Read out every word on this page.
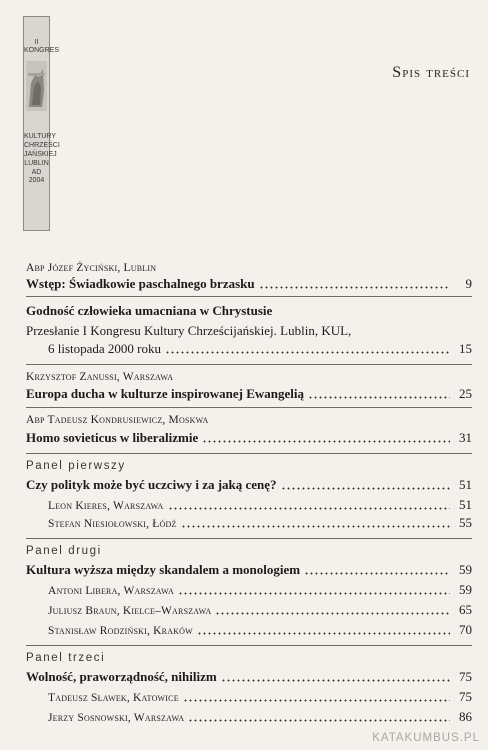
II KONGRES
KULTURY
CHRZEŚCI
JAŃSKIEJ
LUBLIN
AD 2004
Spis treści
Abp Józef Życiński, Lublin
Wstęp: Świadkowie paschalnego brzasku	9
Godność człowieka umacniana w Chrystusie
Przesłanie I Kongresu Kultury Chrześcijańskiej. Lublin, KUL,
6 listopada 2000 roku	15
Krzysztof Zanussi, Warszawa
Europa ducha w kulturze inspirowanej Ewangelią	25
Abp Tadeusz Kondrusiewicz, Moskwa
Homo sovieticus w liberalizmie	31
Panel pierwszy
Czy polityk może być uczciwy i za jaką cenę?	51
Leon Kieres, Warszawa	51
Stefan Niesiołowski, Łódź	55
Panel drugi
Kultura wyższa między skandalem a monologiem	59
Antoni Libera, Warszawa	59
Juliusz Braun, Kielce–Warszawa	65
Stanisław Rodziński, Kraków	70
Panel trzeci
Wolność, praworządność, nihilizm	75
Tadeusz Sławek, Katowice	75
Jerzy Sosnowski, Warszawa	86
KATAKUMBUS.PL
